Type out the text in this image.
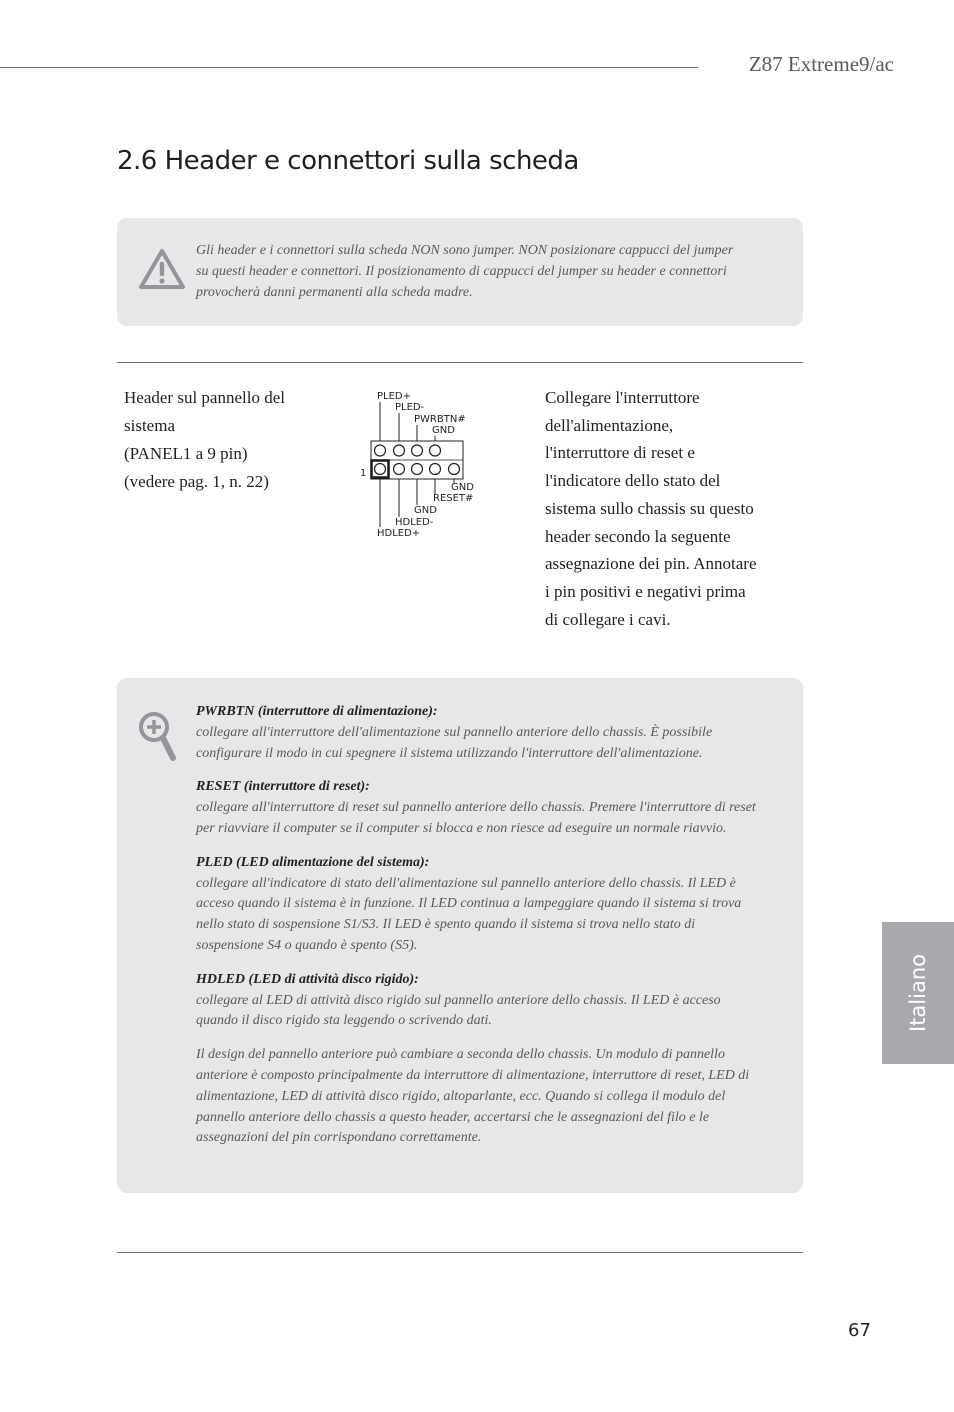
Z87 Extreme9/ac
2.6 Header e connettori sulla scheda
Gli header e i connettori sulla scheda NON sono jumper. NON posizionare cappucci del jumper
su questi header e connettori. Il posizionamento di cappucci del jumper su header e connettori
provocherà danni permanenti alla scheda madre.
Header sul pannello del
sistema
(PANEL1 a 9 pin)
(vedere pag. 1, n. 22)
PLED+
PLED-
PWRBTN#
GND
1
GND
RESET#
GND
HDLED-
HDLED+
Collegare l'interruttore dell'alimentazione, l'interruttore di reset e l'indicatore dello stato del sistema sullo chassis su questo header secondo la seguente assegnazione dei pin. Annotare i pin positivi e negativi prima di collegare i cavi.

PWRBTN (interruttore di alimentazione):
collegare all'interruttore dell'alimentazione sul pannello anteriore dello chassis. È possibile configurare il modo in cui spegnere il sistema utilizzando l'interruttore dell'alimentazione.

RESET (interruttore di reset):
collegare all'interruttore di reset sul pannello anteriore dello chassis. Premere l'interruttore di reset per riavviare il computer se il computer si blocca e non riesce ad eseguire un normale riavvio.

PLED (LED alimentazione del sistema):
collegare all'indicatore di stato dell'alimentazione sul pannello anteriore dello chassis. Il LED è acceso quando il sistema è in funzione. Il LED continua a lampeggiare quando il sistema si trova nello stato di sospensione S1/S3. Il LED è spento quando il sistema si trova nello stato di sospensione S4 o quando è spento (S5).

HDLED (LED di attività disco rigido):
collegare al LED di attività disco rigido sul pannello anteriore dello chassis. Il LED è acceso quando il disco rigido sta leggendo o scrivendo dati.

Il design del pannello anteriore può cambiare a seconda dello chassis. Un modulo di pannello anteriore è composto principalmente da interruttore di alimentazione, interruttore di reset, LED di alimentazione, LED di attività disco rigido, altoparlante, ecc. Quando si collega il modulo del pannello anteriore dello chassis a questo header, accertarsi che le assegnazioni del filo e le assegnazioni del pin corrispondano correttamente.

Italiano
67
